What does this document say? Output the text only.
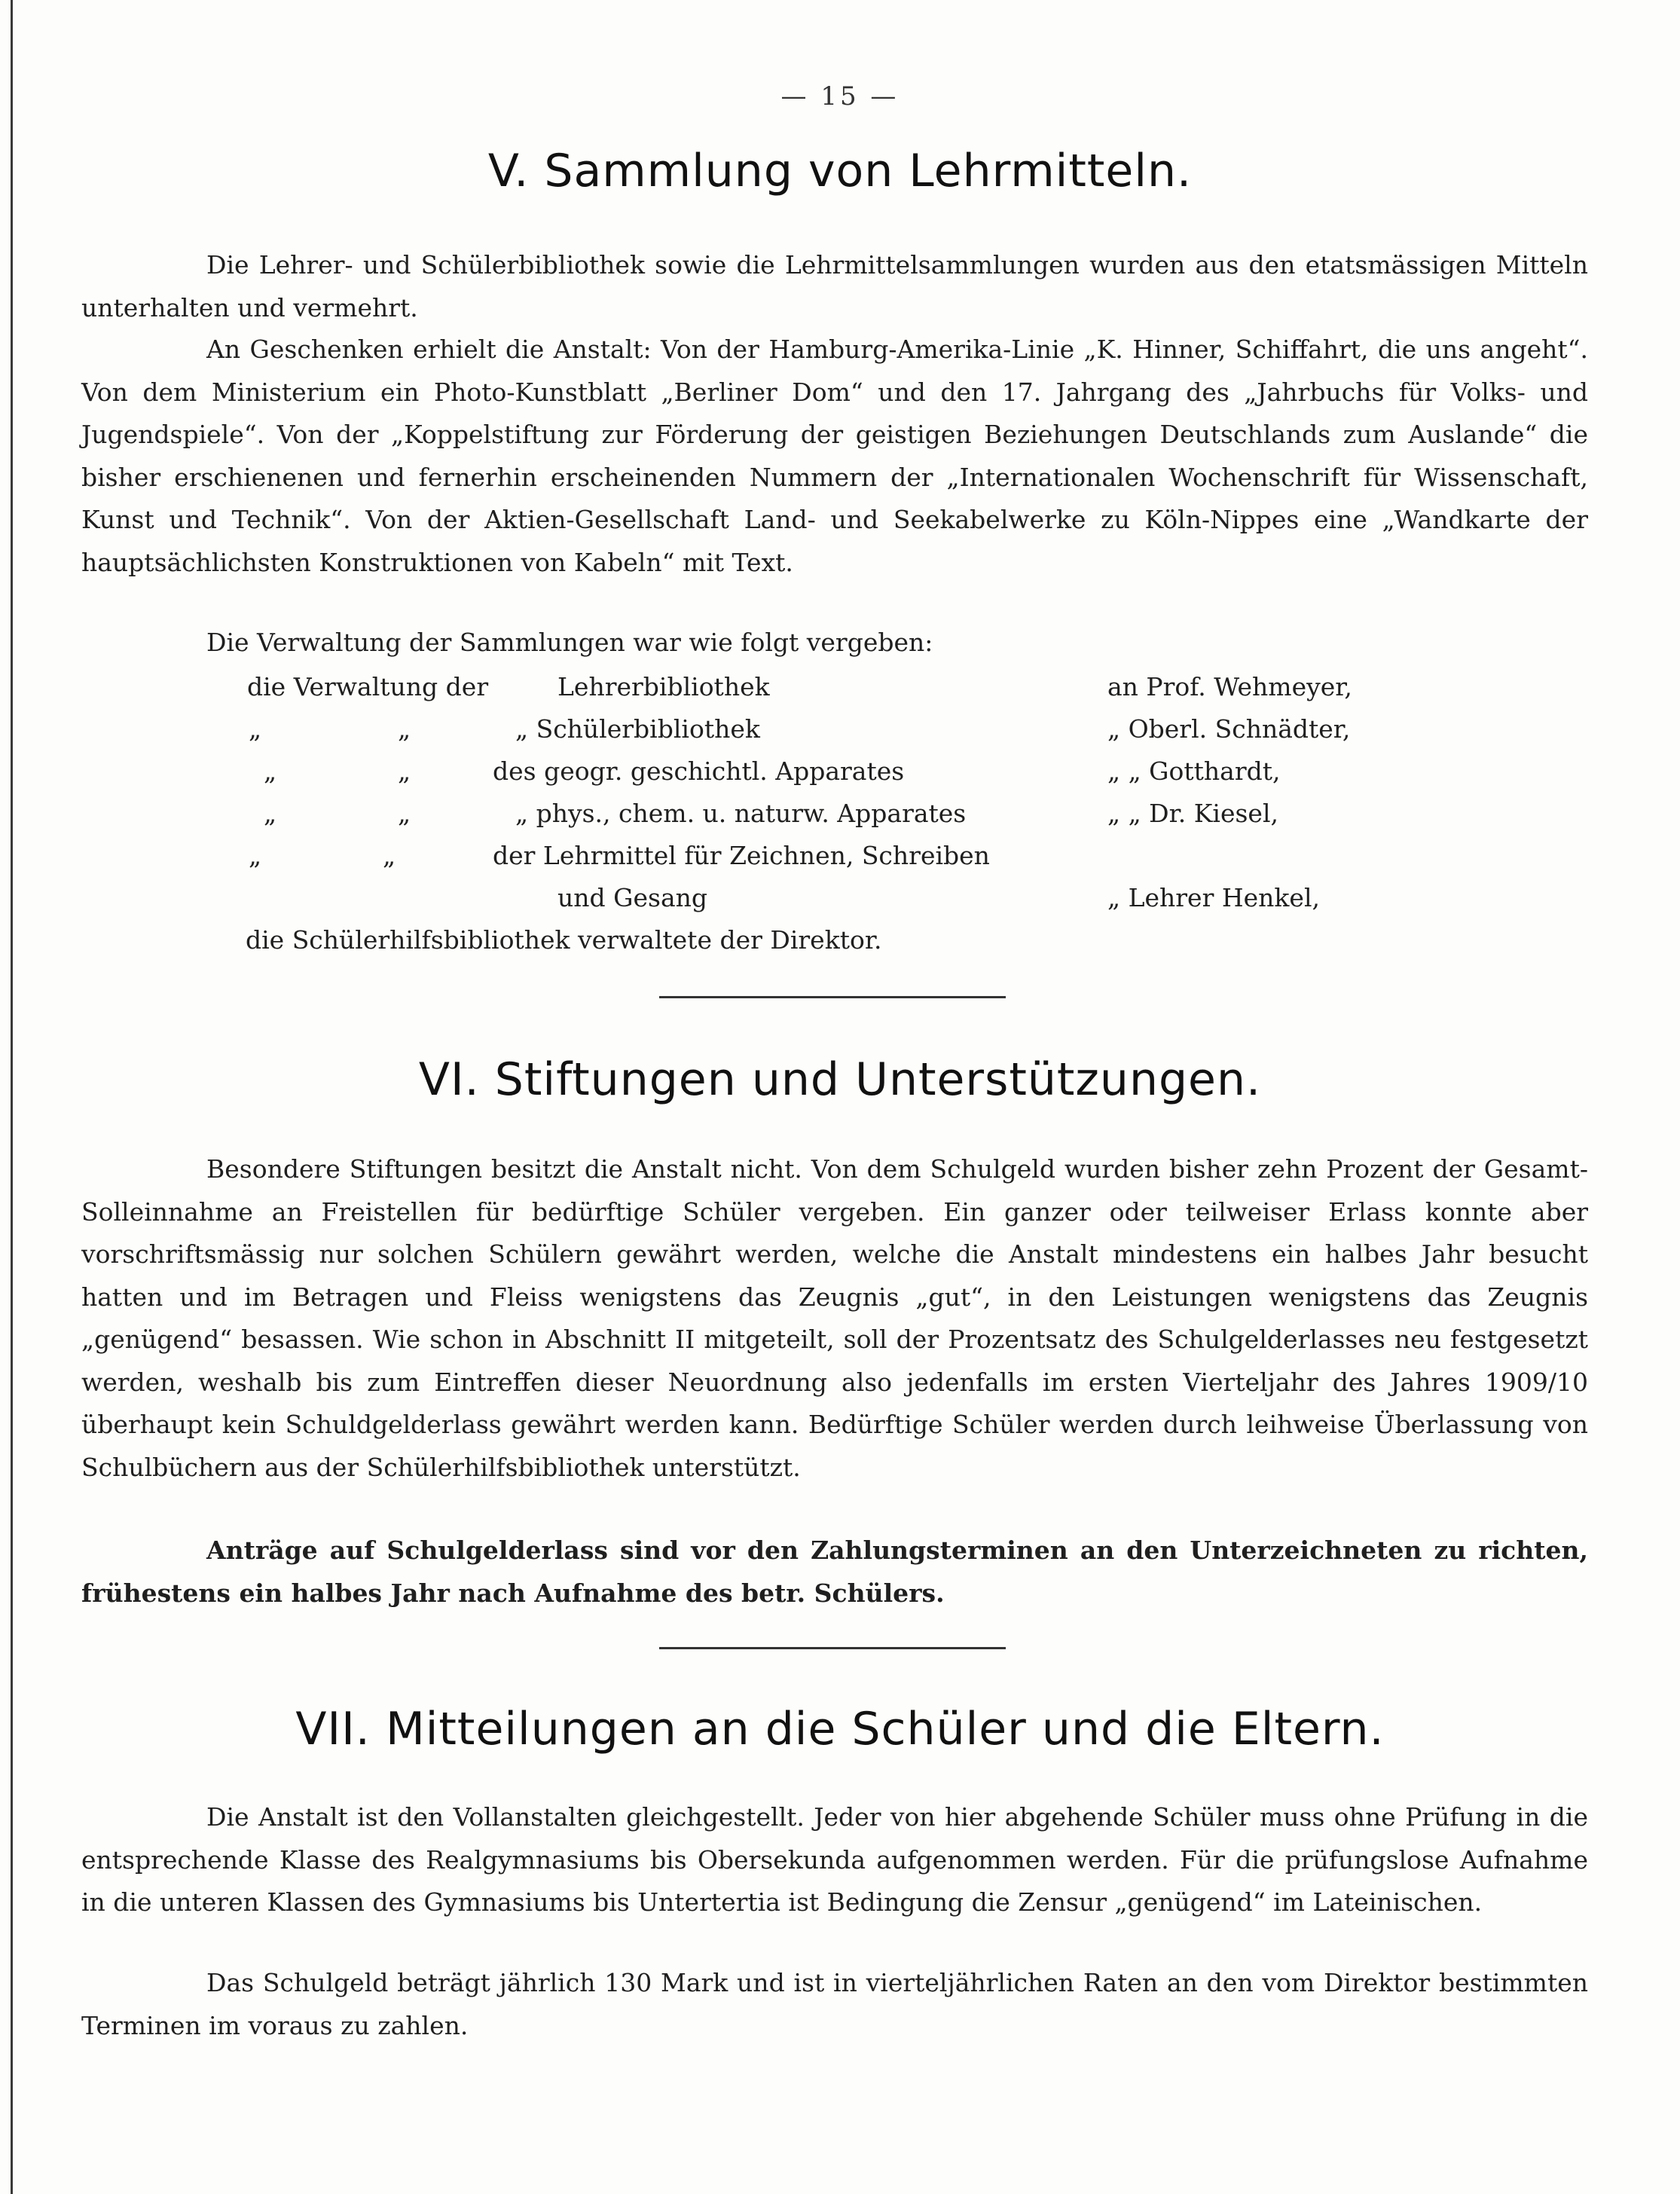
— 15 —
V. Sammlung von Lehrmitteln.

Die Lehrer- und Schülerbibliothek sowie die Lehrmittelsammlungen wurden aus den etatsmässigen Mitteln unterhalten und vermehrt.

An Geschenken erhielt die Anstalt: Von der Hamburg-Amerika-Linie „K. Hinner, Schiffahrt, die uns angeht“. Von dem Ministerium ein Photo-Kunstblatt „Berliner Dom“ und den 17. Jahrgang des „Jahrbuchs für Volks- und Jugendspiele“. Von der „Koppelstiftung zur Förderung der geistigen Beziehungen Deutschlands zum Auslande“ die bisher erschienenen und fernerhin erscheinenden Nummern der „Internationalen Wochenschrift für Wissenschaft, Kunst und Technik“. Von der Aktien-Gesellschaft Land- und Seekabelwerke zu Köln-Nippes eine „Wandkarte der hauptsächlichsten Konstruktionen von Kabeln“ mit Text.

Die Verwaltung der Sammlungen war wie folgt vergeben:

die Verwaltung der	Lehrerbibliothek	an Prof. Wehmeyer,
„	„	„ Schülerbibliothek	„ Oberl. Schnädter,
„	„	des geogr. geschichtl. Apparates	„ „ Gotthardt,
„	„	„ phys., chem. u. naturw. Apparates	„ „ Dr. Kiesel,
„	„	der Lehrmittel für Zeichnen, Schreiben
und Gesang	„ Lehrer Henkel,
die Schülerhilfsbibliothek verwaltete der Direktor.
VI. Stiftungen und Unterstützungen.

Besondere Stiftungen besitzt die Anstalt nicht. Von dem Schulgeld wurden bisher zehn Prozent der Gesamt-Solleinnahme an Freistellen für bedürftige Schüler vergeben. Ein ganzer oder teilweiser Erlass konnte aber vorschriftsmässig nur solchen Schülern gewährt werden, welche die Anstalt mindestens ein halbes Jahr besucht hatten und im Betragen und Fleiss wenigstens das Zeugnis „gut“, in den Leistungen wenigstens das Zeugnis „genügend“ besassen. Wie schon in Abschnitt II mitgeteilt, soll der Prozentsatz des Schulgelderlasses neu festgesetzt werden, weshalb bis zum Eintreffen dieser Neuordnung also jedenfalls im ersten Vierteljahr des Jahres 1909/10 überhaupt kein Schuldgelderlass gewährt werden kann. Bedürftige Schüler werden durch leihweise Überlassung von Schulbüchern aus der Schülerhilfsbibliothek unterstützt.

Anträge auf Schulgelderlass sind vor den Zahlungsterminen an den Unterzeichneten zu richten, frühestens ein halbes Jahr nach Aufnahme des betr. Schülers.

VII. Mitteilungen an die Schüler und die Eltern.

Die Anstalt ist den Vollanstalten gleichgestellt. Jeder von hier abgehende Schüler muss ohne Prüfung in die entsprechende Klasse des Realgymnasiums bis Obersekunda aufgenommen werden. Für die prüfungslose Aufnahme in die unteren Klassen des Gymnasiums bis Untertertia ist Bedingung die Zensur „genügend“ im Lateinischen.

Das Schulgeld beträgt jährlich 130 Mark und ist in vierteljährlichen Raten an den vom Direktor bestimmten Terminen im voraus zu zahlen.
